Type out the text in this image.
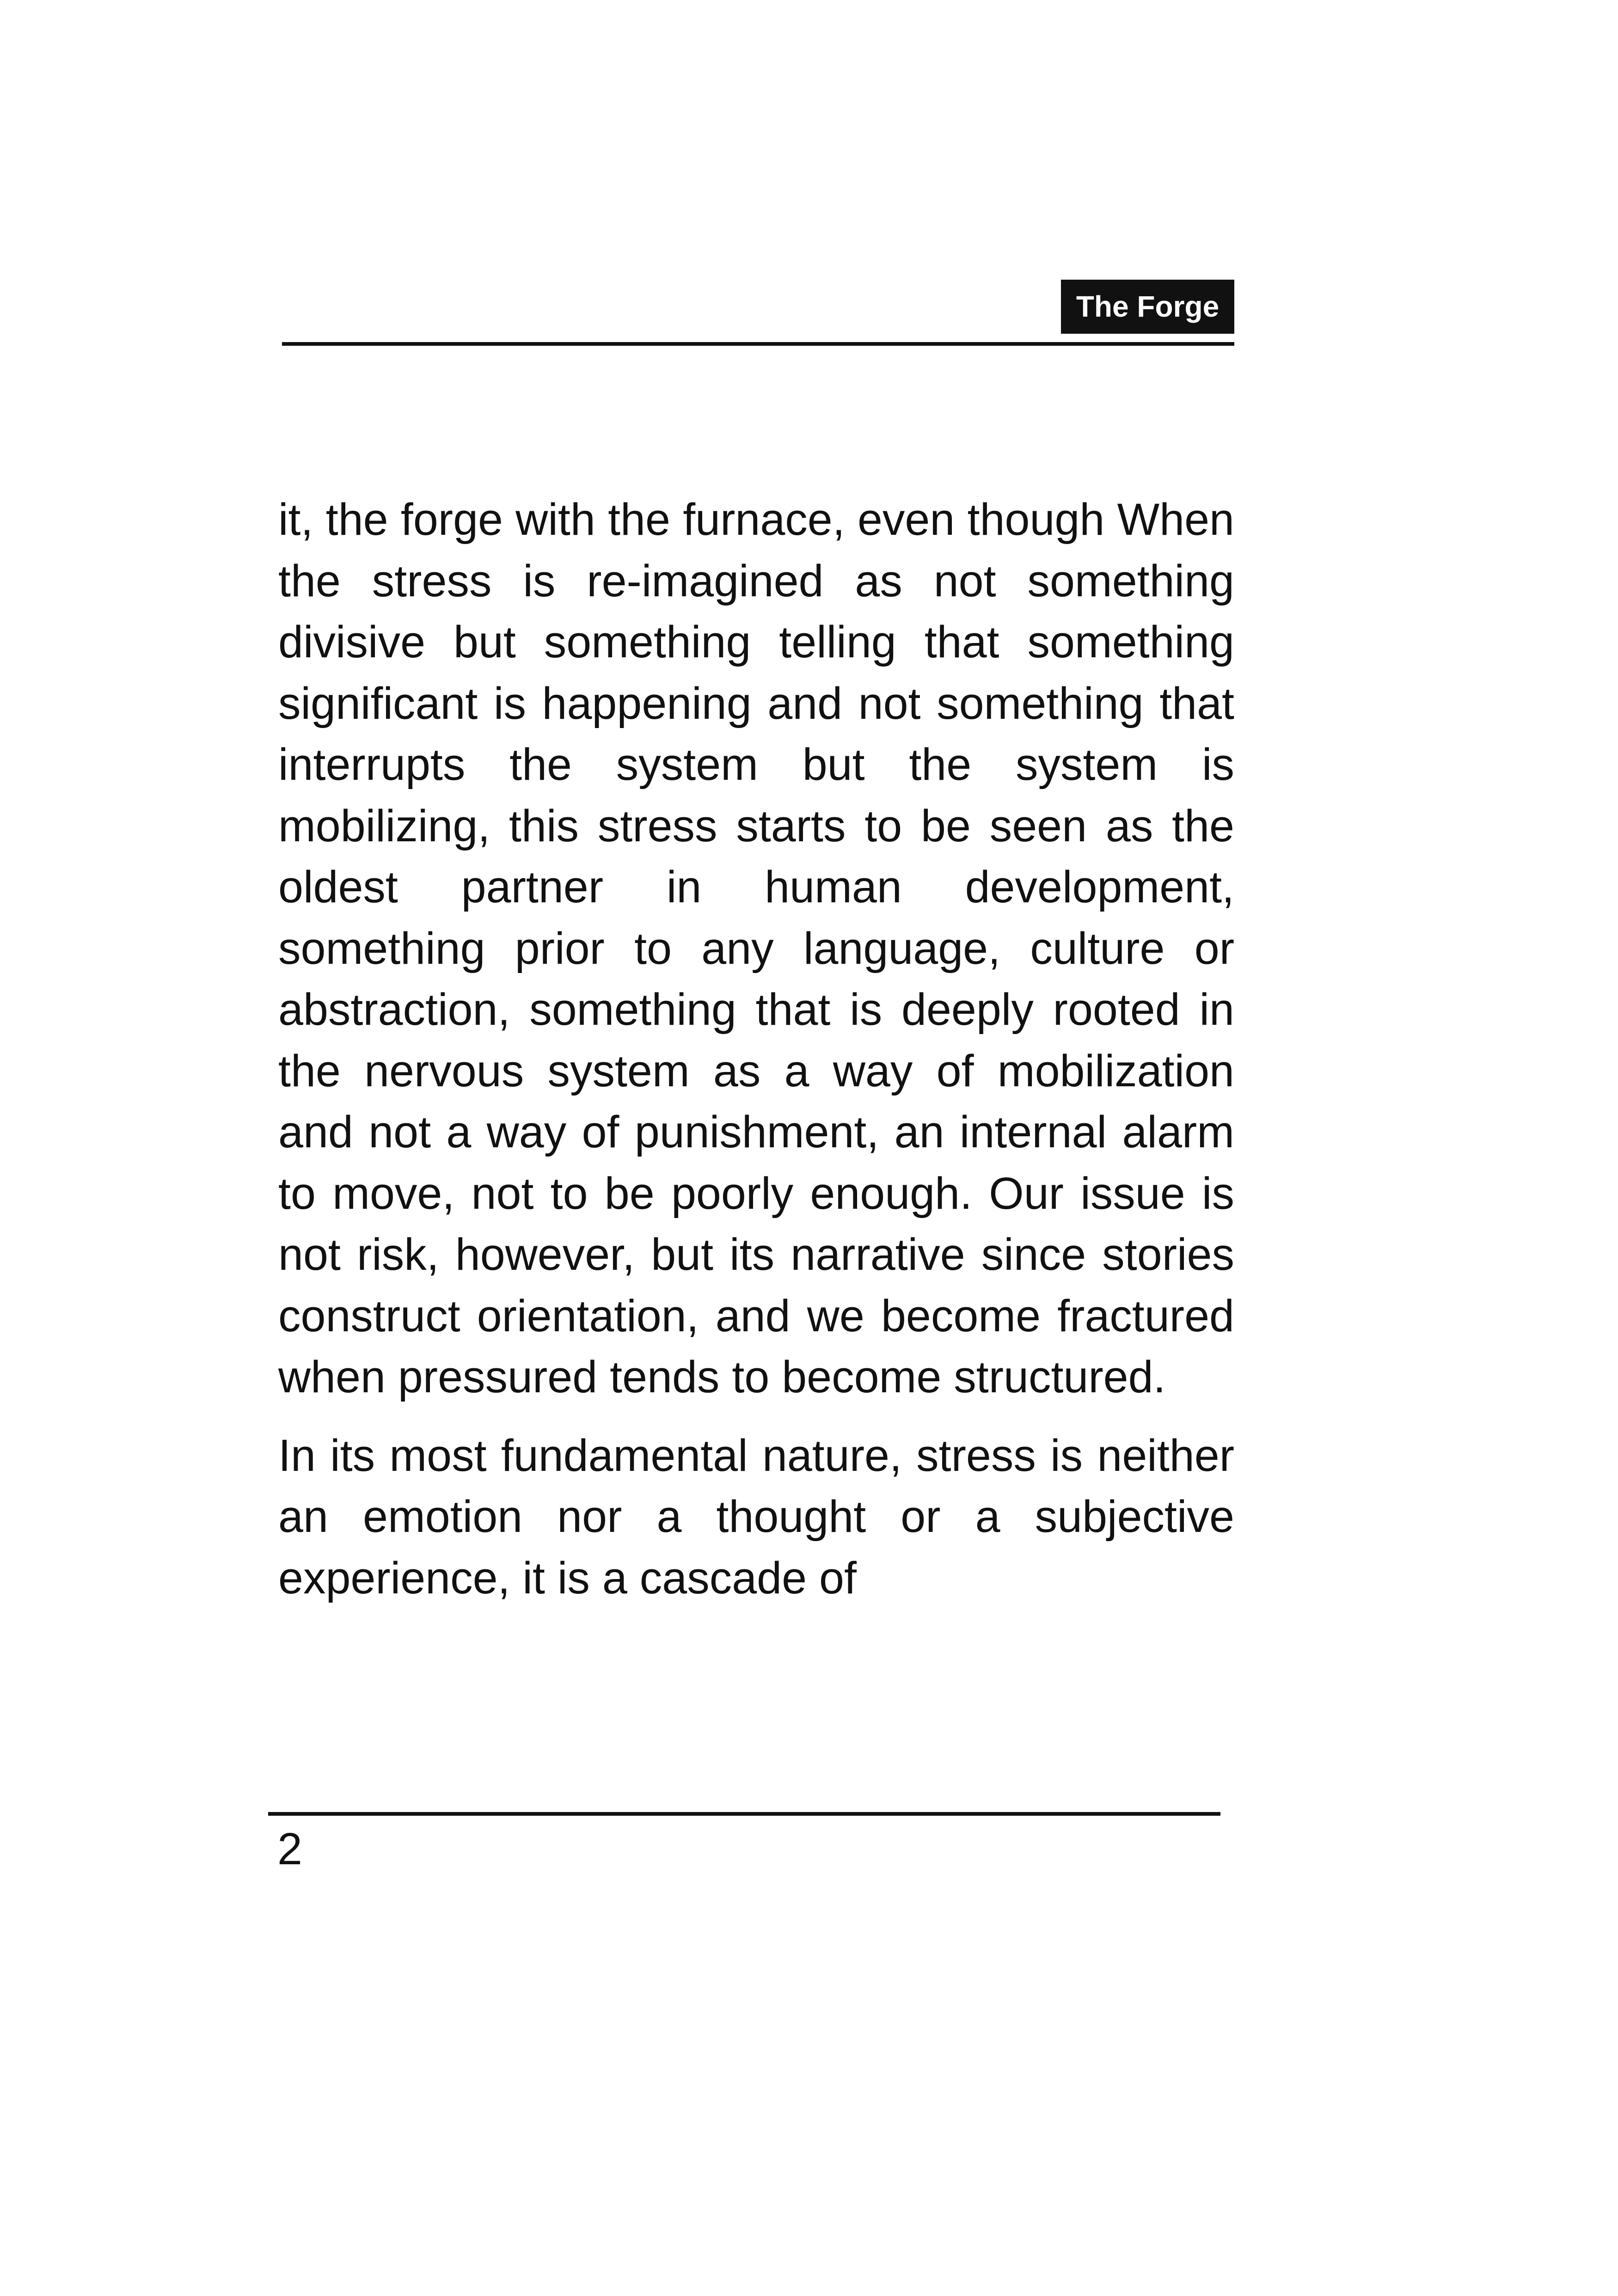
The Forge

it, the forge with the furnace, even though When the stress is re-imagined as not something divisive but something telling that something significant is happening and not something that interrupts the system but the system is mobilizing, this stress starts to be seen as the oldest partner in human development, something prior to any language, culture or abstraction, something that is deeply rooted in the nervous system as a way of mobilization and not a way of punishment, an internal alarm to move, not to be poorly enough. Our issue is not risk, however, but its narrative since stories construct orientation, and we become fractured when pressured tends to become structured.

In its most fundamental nature, stress is neither an emotion nor a thought or a subjective experience, it is a cascade of

2
